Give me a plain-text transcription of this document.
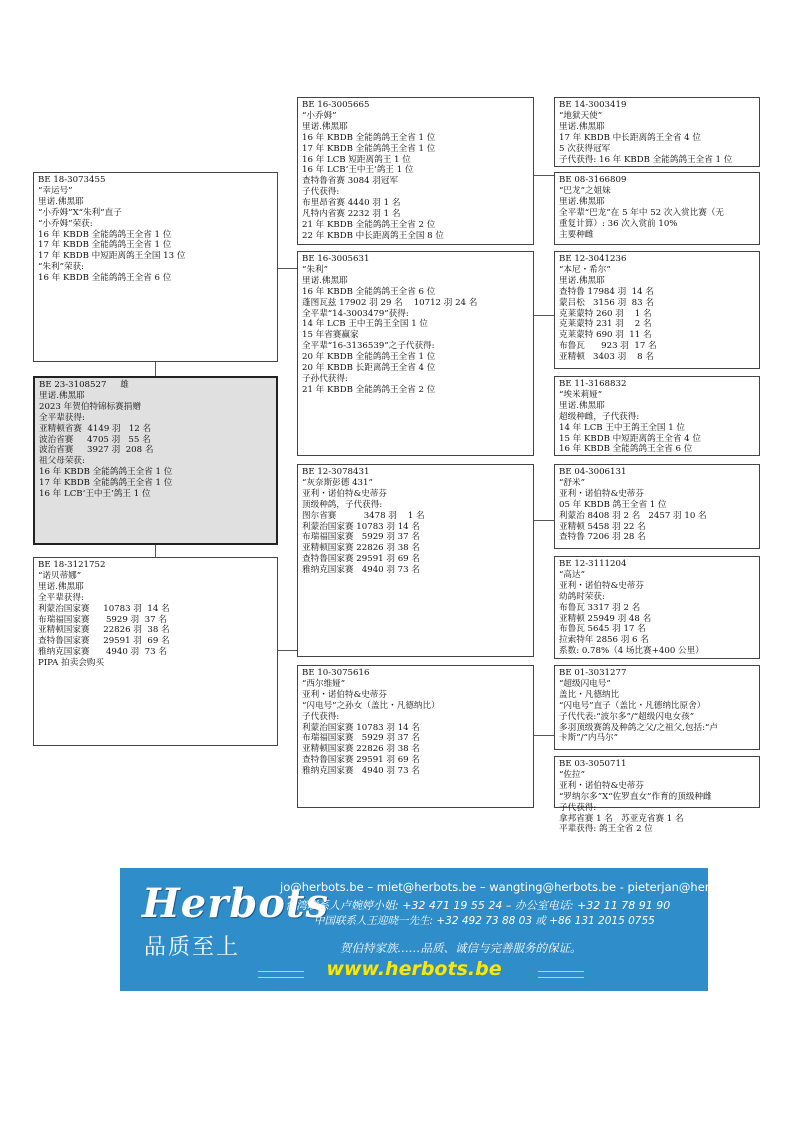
BE 18-3073455
“幸运号”
里诺.佛黑耶
“小乔姆”X“朱利”直子
“小乔姆”荣获:
16 年 KBDB 全能鸽鸽王全省 1 位
17 年 KBDB 全能鸽鸽王全省 1 位
17 年 KBDB 中短距离鸽王全国 13 位
“朱利”荣获:
16 年 KBDB 全能鸽鸽王全省 6 位
BE 23-3108527     雄
里诺.佛黑耶
2023 年贺伯特锦标赛捐赠
全平辈获得:
亚精顿省赛  4149 羽   12 名
波治省赛     4705 羽   55 名
波治省赛     3927 羽  208 名
祖父母荣获:
16 年 KBDB 全能鸽鸽王全省 1 位
17 年 KBDB 全能鸽鸽王全省 1 位
16 年 LCB‘王中王’鸽王 1 位
BE 18-3121752
“诺贝蒂娜”
里诺.佛黑耶
全平辈获得:
利蒙治国家赛     10783 羽  14 名
布瑞福国家赛      5929 羽  37 名
亚精顿国家赛     22826 羽  38 名
查特鲁国家赛     29591 羽  69 名
雅纳克国家赛      4940 羽  73 名
PIPA 拍卖会购买
BE 16-3005665
“小乔姆”
里诺.佛黑耶
16 年 KBDB 全能鸽鸽王全省 1 位
17 年 KBDB 全能鸽鸽王全省 1 位
16 年 LCB 短距离鸽王 1 位
16 年 LCB‘王中王’鸽王 1 位
查特鲁省赛 3084 羽冠军
子代获得:
布里昂省赛 4440 羽 1 名
凡特内省赛 2232 羽 1 名
21 年 KBDB 全能鸽鸽王全省 2 位
22 年 KBDB 中长距离鸽王全国 8 位
BE 16-3005631
“朱利”
里诺.佛黑耶
16 年 KBDB 全能鸽鸽王全省 6 位
蓬图瓦兹 17902 羽 29 名    10712 羽 24 名
全平辈“14-3003479”获得:
14 年 LCB 王中王鸽王全国 1 位
15 年省赛赢家
全平辈“16-3136539”之子代获得:
20 年 KBDB 全能鸽鸽王全省 1 位
20 年 KBDB 长距离鸽王全省 4 位
子孙代获得:
21 年 KBDB 全能鸽鸽王全省 2 位
BE 12-3078431
“灰奈斯彭德 431”
亚利・诺伯特&史蒂芬
顶级种鸽，子代获得:
图尔省赛          3478 羽    1 名
利蒙治国家赛 10783 羽 14 名
布瑞福国家赛   5929 羽 37 名
亚精顿国家赛 22826 羽 38 名
查特鲁国家赛 29591 羽 69 名
雅纳克国家赛   4940 羽 73 名
BE 10-3075616
“西尔维娅”
亚利・诺伯特&史蒂芬
“闪电号”之孙女（盖比・凡德纳比）
子代获得:
利蒙治国家赛 10783 羽 14 名
布瑞福国家赛   5929 羽 37 名
亚精顿国家赛 22826 羽 38 名
查特鲁国家赛 29591 羽 69 名
雅纳克国家赛   4940 羽 73 名
BE 14-3003419
“地狱天使”
里诺.佛黑耶
17 年 KBDB 中长距离鸽王全省 4 位
5 次获得冠军
子代获得: 16 年 KBDB 全能鸽鸽王全省 1 位
BE 08-3166809
“巴龙”之姐妹
里诺.佛黑耶
全平辈“巴龙”在 5 年中 52 次入赏比赛（无
重复计算）: 36 次入赏前 10%
主要种雌
BE 12-3041236
“本尼・希尔”
里诺.佛黑耶
查特鲁 17984 羽  14 名
蒙吕松   3156 羽  83 名
克莱蒙特 260 羽    1 名
克莱蒙特 231 羽    2 名
克莱蒙特 690 羽  11 名
布鲁瓦      923 羽  17 名
亚精顿   3403 羽    8 名
BE 11-3168832
“埃米莉娅”
里诺.佛黑耶
超级种雌，子代获得:
14 年 LCB 王中王鸽王全国 1 位
15 年 KBDB 中短距离鸽王全省 4 位
16 年 KBDB 全能鸽鸽王全省 6 位
BE 04-3006131
“舒米”
亚利・诺伯特&史蒂芬
05 年 KBDB 鸽王全省 1 位
利蒙治 8408 羽 2 名   2457 羽 10 名
亚精顿 5458 羽 22 名
查特鲁 7206 羽 28 名
BE 12-3111204
“高达”
亚利・诺伯特&史蒂芬
幼鸽时荣获:
布鲁瓦 3317 羽 2 名
亚精顿 25949 羽 48 名
布鲁瓦 5645 羽 17 名
拉索特年 2856 羽 6 名
系数: 0.78%（4 场比赛+400 公里）
BE 01-3031277
“超级闪电号”
盖比・凡德纳比
“闪电号”直子（盖比・凡德纳比原舍）
子代代表:“波尔多”/“超级闪电女孩”
多羽顶级赛鸽及种鸽之父/之祖父,包括:“卢
卡斯”/“内马尔”
BE 03-3050711
“佐拉”
亚利・诺伯特&史蒂芬
“罗纳尔多”X“佐罗直女”作育的顶级种雌
子代获得:
拿邦省赛 1 名   苏亚克省赛 1 名
平辈获得: 鸽王全省 2 位
Herbots
品质至上
jo@herbots.be – miet@herbots.be – wangting@herbots.be - pieterjan@herbots.be
台湾联系人卢婉婷小姐: +32 471 19 55 24 – 办公室电话: +32 11 78 91 90
中国联系人王迎晓一先生: +32 492 73 88 03 或 +86 131 2015 0755
贺伯特家族……品质、诚信与完善服务的保证。
www.herbots.be
